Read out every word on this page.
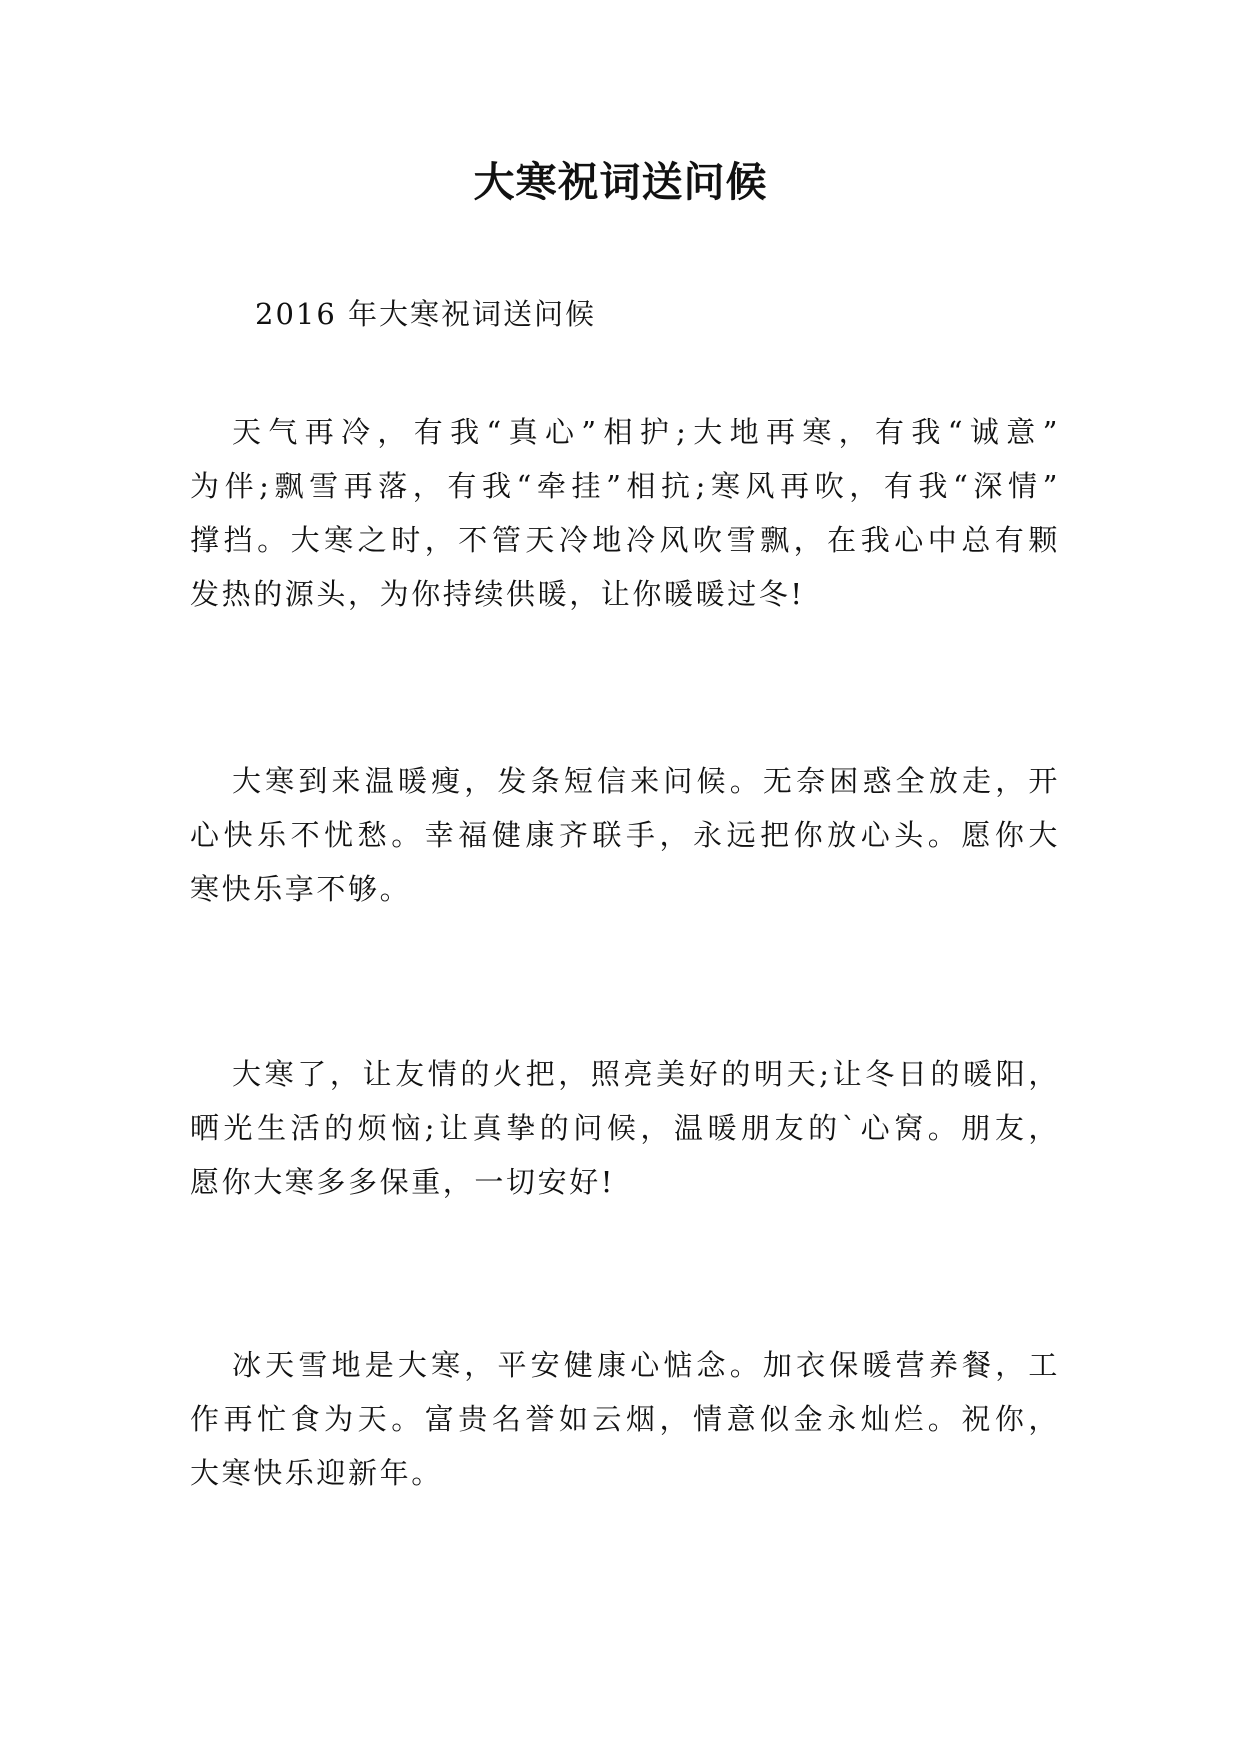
大寒祝词送问候

2016 年大寒祝词送问候

天气再冷，有我“真心”相护;大地再寒，有我“诚意”
为伴;飘雪再落，有我“牵挂”相抗;寒风再吹，有我“深情”
撑挡。大寒之时，不管天冷地冷风吹雪飘，在我心中总有颗
发热的源头，为你持续供暖，让你暖暖过冬!
大寒到来温暖瘦，发条短信来问候。无奈困惑全放走，开
心快乐不忧愁。幸福健康齐联手，永远把你放心头。愿你大
寒快乐享不够。
大寒了，让友情的火把，照亮美好的明天;让冬日的暖阳，
晒光生活的烦恼;让真挚的问候，温暖朋友的`心窝。朋友，
愿你大寒多多保重，一切安好!
冰天雪地是大寒，平安健康心惦念。加衣保暖营养餐，工
作再忙食为天。富贵名誉如云烟，情意似金永灿烂。祝你，
大寒快乐迎新年。
